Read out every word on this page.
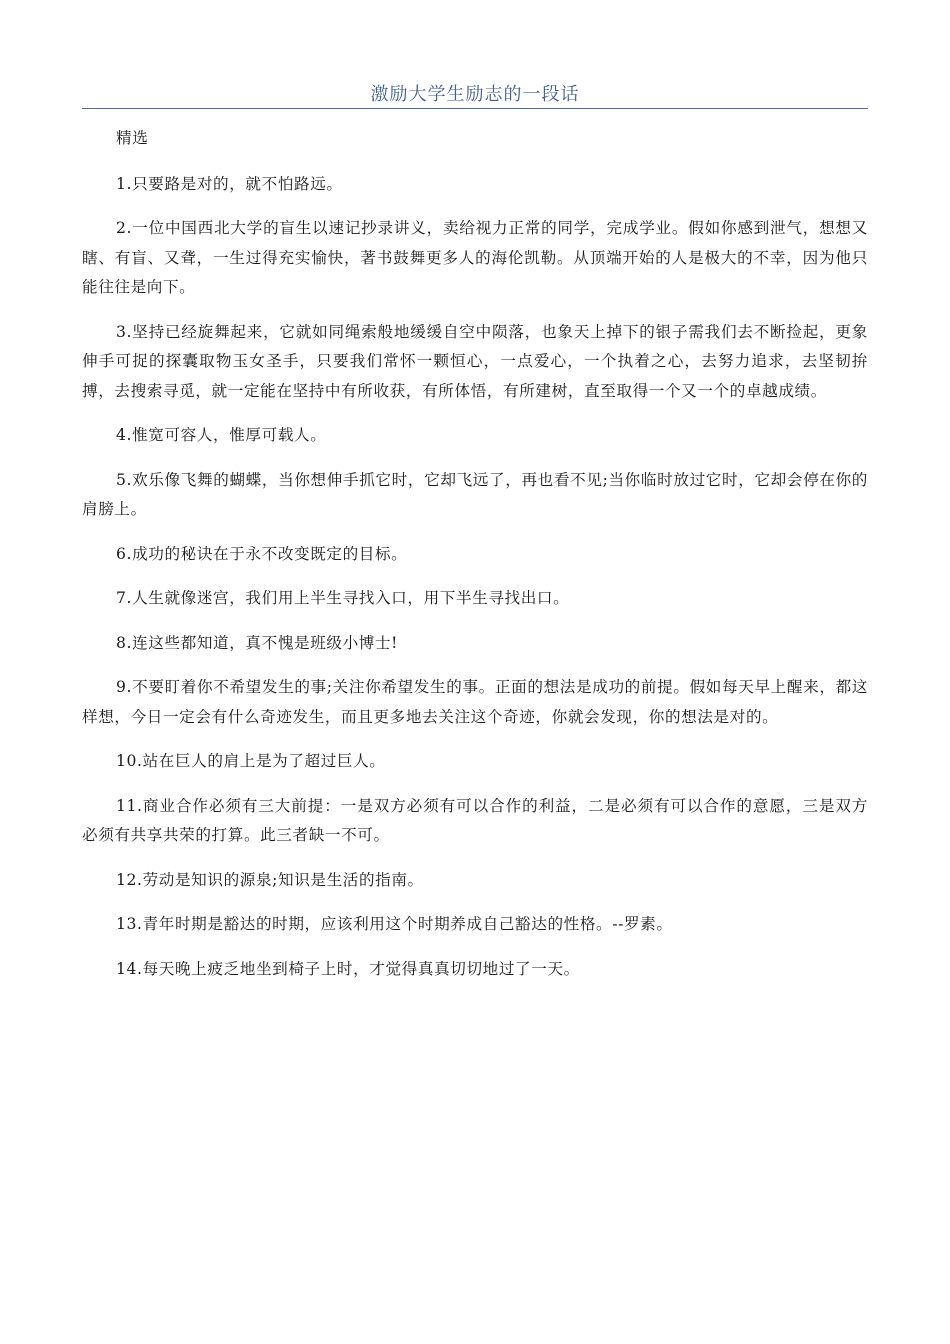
激励大学生励志的一段话

精选

1.只要路是对的，就不怕路远。

2.一位中国西北大学的盲生以速记抄录讲义，卖给视力正常的同学，完成学业。假如你感到泄气，想想又瞎、有盲、又聋，一生过得充实愉快，著书鼓舞更多人的海伦凯勒。从顶端开始的人是极大的不幸，因为他只能往往是向下。

3.坚持已经旋舞起来，它就如同绳索般地缓缓自空中陨落，也象天上掉下的银子需我们去不断捡起，更象伸手可捉的探囊取物玉女圣手，只要我们常怀一颗恒心，一点爱心，一个执着之心，去努力追求，去坚韧拚搏，去搜索寻觅，就一定能在坚持中有所收获，有所体悟，有所建树，直至取得一个又一个的卓越成绩。

4.惟宽可容人，惟厚可载人。

5.欢乐像飞舞的蝴蝶，当你想伸手抓它时，它却飞远了，再也看不见;当你临时放过它时，它却会停在你的肩膀上。

6.成功的秘诀在于永不改变既定的目标。

7.人生就像迷宫，我们用上半生寻找入口，用下半生寻找出口。

8.连这些都知道，真不愧是班级小博士!

9.不要盯着你不希望发生的事;关注你希望发生的事。正面的想法是成功的前提。假如每天早上醒来，都这样想，今日一定会有什么奇迹发生，而且更多地去关注这个奇迹，你就会发现，你的想法是对的。

10.站在巨人的肩上是为了超过巨人。

11.商业合作必须有三大前提：一是双方必须有可以合作的利益，二是必须有可以合作的意愿，三是双方必须有共享共荣的打算。此三者缺一不可。

12.劳动是知识的源泉;知识是生活的指南。

13.青年时期是豁达的时期，应该利用这个时期养成自己豁达的性格。--罗素。

14.每天晚上疲乏地坐到椅子上时，才觉得真真切切地过了一天。
